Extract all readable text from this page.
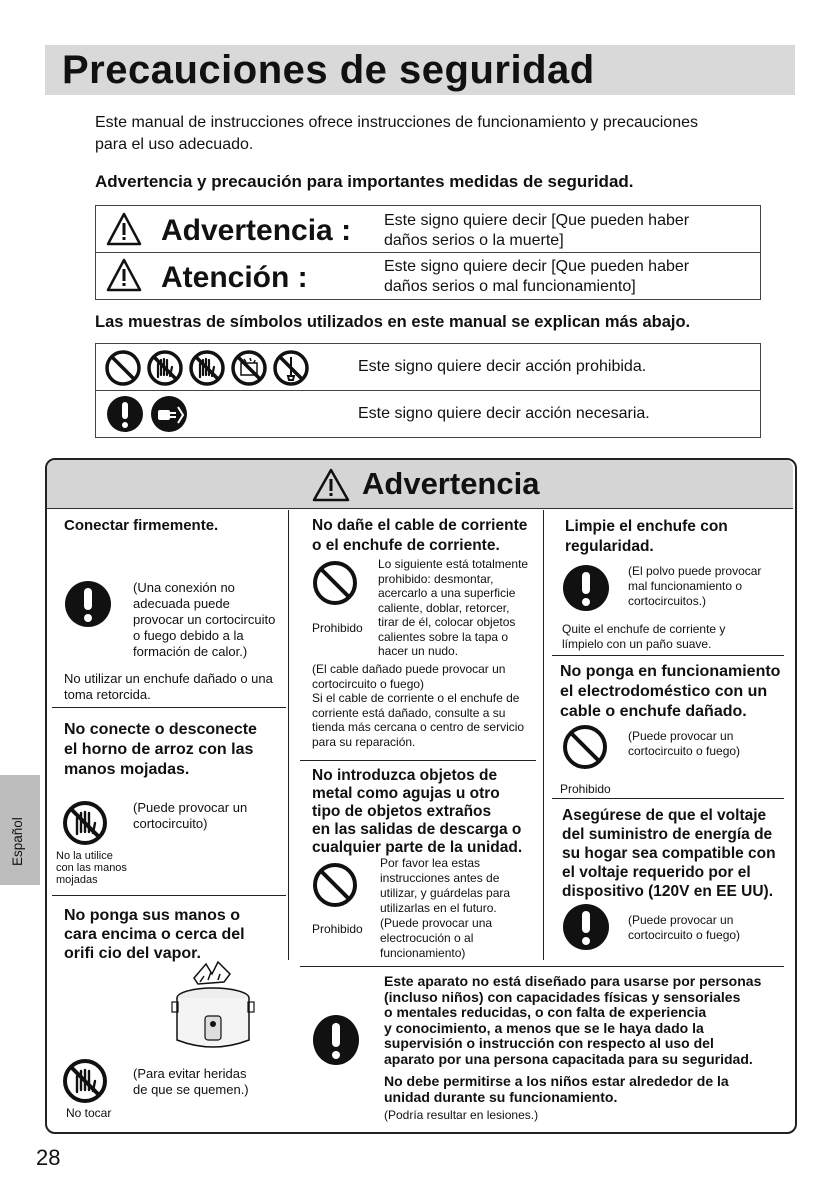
Precauciones de seguridad
Este manual de instrucciones ofrece instrucciones de funcionamiento y precauciones
para el uso adecuado.
Advertencia y precaución para importantes medidas de seguridad.
Advertencia : Este signo quiere decir [Que pueden haber
daños serios o la muerte]
Atención :	Este signo quiere decir [Que pueden haber
daños serios o mal funcionamiento]
Las muestras de símbolos utilizados en este manual se explican más abajo.
Este signo quiere decir acción prohibida.
Este signo quiere decir acción necesaria.
Español
Advertencia
Conectar firmemente.
(Una conexión no
adecuada puede
provocar un cortocircuito
o fuego debido a la
formación de calor.)
No utilizar un enchufe dañado o una
toma retorcida.
No conecte o desconecte
el horno de arroz con las
manos mojadas.
(Puede provocar un
cortocircuito)
No la utilice
con las manos
mojadas
No ponga sus manos o
cara encima o cerca del
orifi cio del vapor.
(Para evitar heridas
de que se quemen.)
No tocar
No dañe el cable de corriente
o el enchufe de corriente.
Lo siguiente está totalmente
prohibido: desmontar,
acercarlo a una superficie
caliente, doblar, retorcer,
tirar de él, colocar objetos
calientes sobre la tapa o
hacer un nudo.
Prohibido
(El cable dañado puede provocar un
cortocircuito o fuego)
Si el cable de corriente o el enchufe de
corriente está dañado, consulte a su
tienda más cercana o centro de servicio
para su reparación.
No introduzca objetos de
metal como agujas u otro
tipo de objetos extraños
en las salidas de descarga o
cualquier parte de la unidad.
Por favor lea estas
instrucciones antes de
utilizar, y guárdelas para
utilizarlas en el futuro.
(Puede provocar una
electrocución o al
funcionamiento)
Prohibido
Limpie el enchufe con
regularidad.
(El polvo puede provocar
mal funcionamiento o
cortocircuitos.)
Quite el enchufe de corriente y
límpielo con un paño suave.
No ponga en funcionamiento
el electrodoméstico con un
cable o enchufe dañado.
(Puede provocar un
cortocircuito o fuego)
Prohibido
Asegúrese de que el voltaje
del suministro de energía de
su hogar sea compatible con
el voltaje requerido por el
dispositivo (120V en EE UU).
(Puede provocar un
cortocircuito o fuego)
Este aparato no está diseñado para usarse por personas
(incluso niños) con capacidades físicas y sensoriales
o mentales reducidas, o con falta de experiencia
y conocimiento, a menos que se le haya dado la
supervisión o instrucción con respecto al uso del
aparato por una persona capacitada para su seguridad.
No debe permitirse a los niños estar alrededor de la
unidad durante su funcionamiento.
(Podría resultar en lesiones.)
28
